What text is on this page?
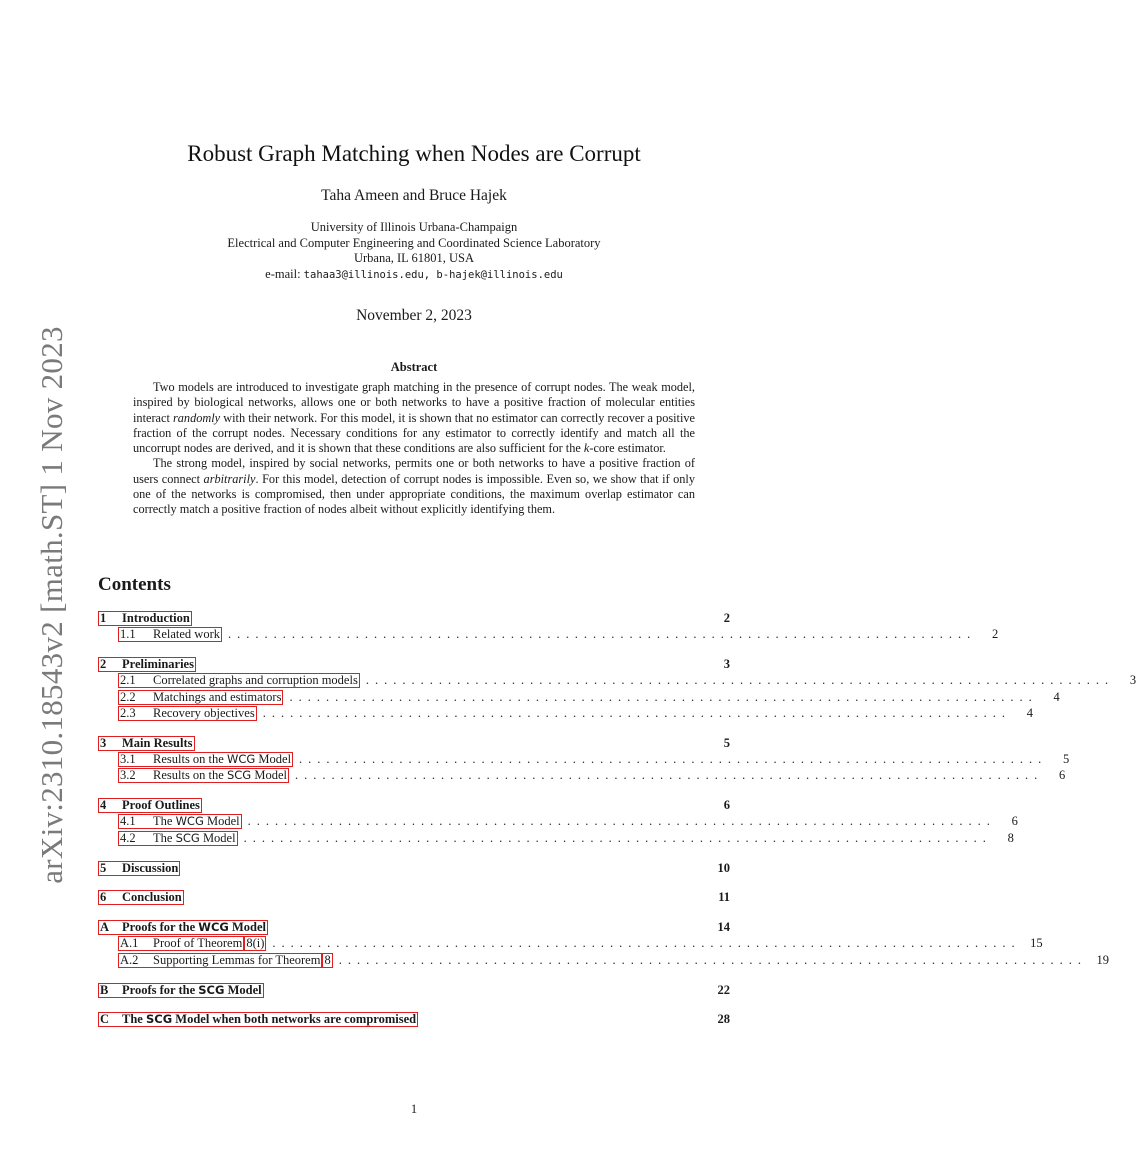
arXiv:2310.18543v2 [math.ST] 1 Nov 2023
Robust Graph Matching when Nodes are Corrupt
Taha Ameen and Bruce Hajek
University of Illinois Urbana-Champaign
Electrical and Computer Engineering and Coordinated Science Laboratory
Urbana, IL 61801, USA
e-mail: tahaa3@illinois.edu, b-hajek@illinois.edu
November 2, 2023
Abstract

Two models are introduced to investigate graph matching in the presence of corrupt nodes. The weak model, inspired by biological networks, allows one or both networks to have a positive fraction of molecular entities interact randomly with their network. For this model, it is shown that no estimator can correctly recover a positive fraction of the corrupt nodes. Necessary conditions for any estimator to correctly identify and match all the uncorrupt nodes are derived, and it is shown that these conditions are also sufficient for the k-core estimator.

The strong model, inspired by social networks, permits one or both networks to have a positive fraction of users connect arbitrarily. For this model, detection of corrupt nodes is impossible. Even so, we show that if only one of the networks is compromised, then under appropriate conditions, the maximum overlap estimator can correctly match a positive fraction of nodes albeit without explicitly identifying them.

Contents
1 Introduction	2
1.1 Related work ..................................................................................	2
2 Preliminaries	3
2.1 Correlated graphs and corruption models ..................................................................................	3
2.2 Matchings and estimators ..................................................................................	4
2.3 Recovery objectives ..................................................................................	4
3 Main Results	5
3.1 Results on the WCG Model ..................................................................................	5
3.2 Results on the SCG Model ..................................................................................	6
4 Proof Outlines	6
4.1 The WCG Model ..................................................................................	6
4.2 The SCG Model ..................................................................................	8
5 Discussion	10
6 Conclusion	11
A Proofs for the WCG Model	14
A.1 Proof of Theorem 8(i) .................................................................................. 15
A.2 Supporting Lemmas for Theorem 8 .................................................................................. 19
B Proofs for the SCG Model	22
C The SCG Model when both networks are compromised	28
1
